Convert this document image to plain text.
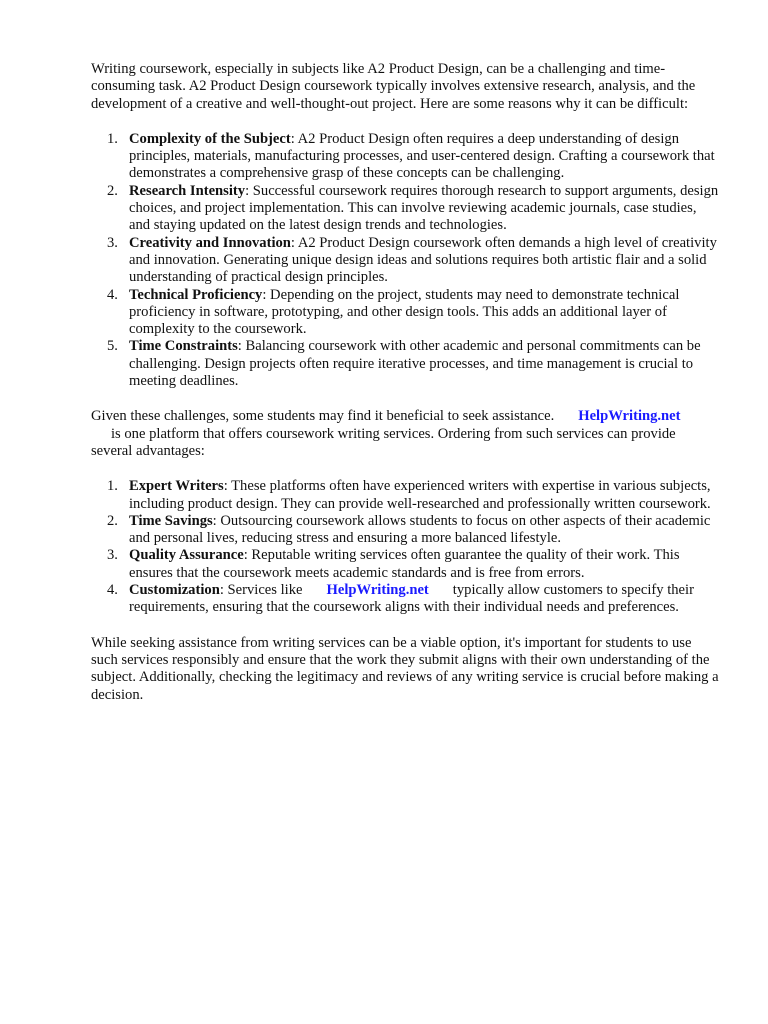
Writing coursework, especially in subjects like A2 Product Design, can be a challenging and time-consuming task. A2 Product Design coursework typically involves extensive research, analysis, and the development of a creative and well-thought-out project. Here are some reasons why it can be difficult:

1. Complexity of the Subject: A2 Product Design often requires a deep understanding of design principles, materials, manufacturing processes, and user-centered design. Crafting a coursework that demonstrates a comprehensive grasp of these concepts can be challenging.
2. Research Intensity: Successful coursework requires thorough research to support arguments, design choices, and project implementation. This can involve reviewing academic journals, case studies, and staying updated on the latest design trends and technologies.
3. Creativity and Innovation: A2 Product Design coursework often demands a high level of creativity and innovation. Generating unique design ideas and solutions requires both artistic flair and a solid understanding of practical design principles.
4. Technical Proficiency: Depending on the project, students may need to demonstrate technical proficiency in software, prototyping, and other design tools. This adds an additional layer of complexity to the coursework.
5. Time Constraints: Balancing coursework with other academic and personal commitments can be challenging. Design projects often require iterative processes, and time management is crucial to meeting deadlines.

Given these challenges, some students may find it beneficial to seek assistance. HelpWriting.net
is one platform that offers coursework writing services. Ordering from such services can provide several advantages:

1. Expert Writers: These platforms often have experienced writers with expertise in various subjects, including product design. They can provide well-researched and professionally written coursework.
2. Time Savings: Outsourcing coursework allows students to focus on other aspects of their academic and personal lives, reducing stress and ensuring a more balanced lifestyle.
3. Quality Assurance: Reputable writing services often guarantee the quality of their work. This ensures that the coursework meets academic standards and is free from errors.
4. Customization: Services like HelpWriting.net typically allow customers to specify their requirements, ensuring that the coursework aligns with their individual needs and preferences.

While seeking assistance from writing services can be a viable option, it's important for students to use such services responsibly and ensure that the work they submit aligns with their own understanding of the subject. Additionally, checking the legitimacy and reviews of any writing service is crucial before making a decision.
